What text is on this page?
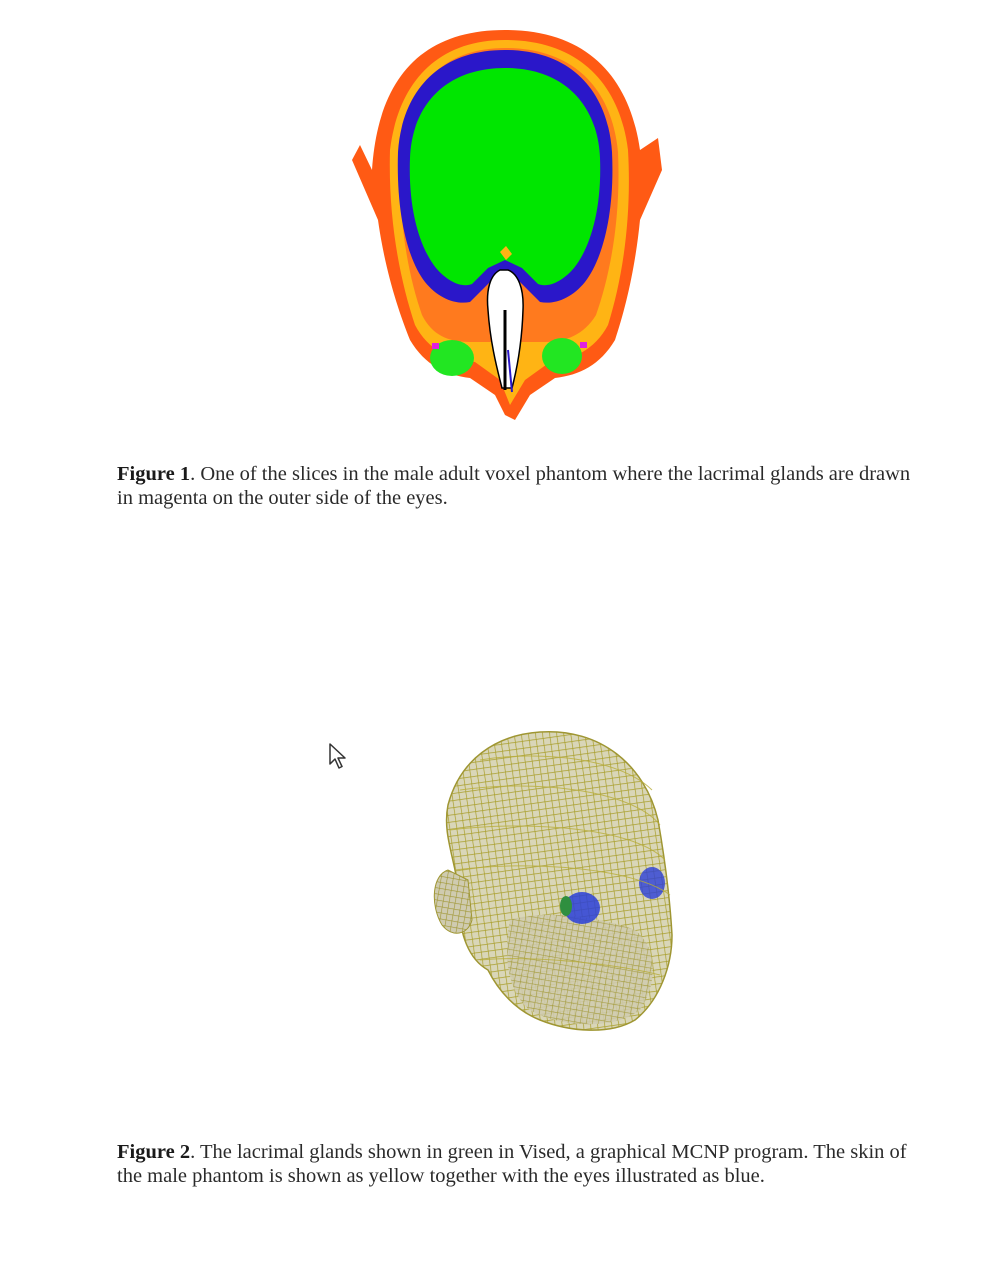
Figure 1. One of the slices in the male adult voxel phantom where the lacrimal glands are drawn in magenta on the outer side of the eyes.
Figure 2. The lacrimal glands shown in green in Vised, a graphical MCNP program. The skin of the male phantom is shown as yellow together with the eyes illustrated as blue.
